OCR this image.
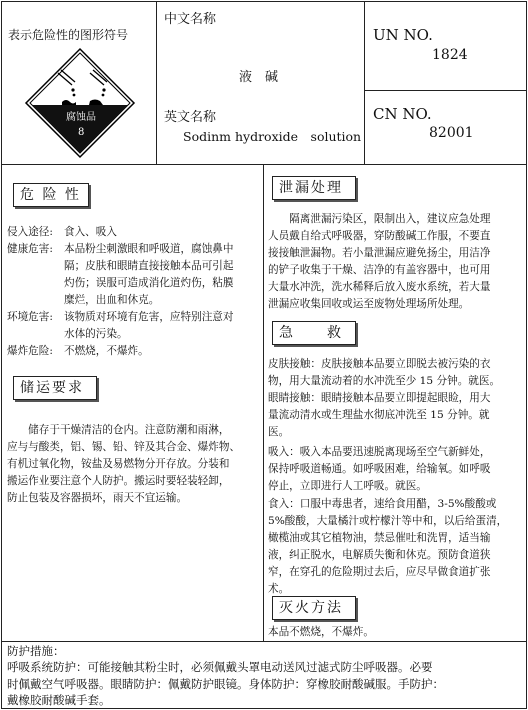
表示危险性的图形符号
腐蚀品
8
中文名称
液　碱
英文名称
Sodinm hydroxide　solution
UN NO.
1824
CN NO.
82001
危 险 性
侵入途径: 食入、吸入
健康危害: 本品粉尘刺激眼和呼吸道，腐蚀鼻中
隔；皮肤和眼睛直接接触本品可引起
灼伤；误服可造成消化道灼伤，粘膜
糜烂，出血和休克。
环境危害: 该物质对环境有危害，应特别注意对
水体的污染。
爆炸危险: 不燃烧，不爆炸。
储运要求
　　储存于干燥清洁的仓内。注意防潮和雨淋，
应与与酸类，铝、锡、铅、锌及其合金、爆炸物、
有机过氧化物，铵盐及易燃物分开存放。分装和
搬运作业要注意个人防护。搬运时要轻装轻卸，
防止包装及容器损坏，雨天不宜运输。
泄漏处理
　　隔离泄漏污染区，限制出入，建议应急处理
人员戴自给式呼吸器，穿防酸碱工作服，不要直
接接触泄漏物。若小量泄漏应避免扬尘，用洁净
的铲子收集于干燥、洁净的有盖容器中，也可用
大量水冲洗，洗水稀释后放入废水系统，若大量
泄漏应收集回收或运至废物处理场所处理。
急　　救
皮肤接触：皮肤接触本品要立即脱去被污染的衣
物，用大量流动着的水冲洗至少 15 分钟。就医。
眼睛接触：眼睛接触本品要立即提起眼睑，用大
量流动清水或生理盐水彻底冲洗至 15 分钟。就
医。
吸入：吸入本品要迅速脱离现场至空气新鲜处，
保持呼吸道畅通。如呼吸困难，给输氧。如呼吸
停止，立即进行人工呼吸。就医。
食入：口服中毒患者，速给食用醋，3-5%酸酸或
5%酸酸，大量橘汁或柠檬汁等中和，以后给蛋清，
橄榄油或其它植物油，禁忌催吐和洗胃，适当输
液，纠正脱水，电解质失衡和休克。预防食道狭
窄，在穿孔的危险期过去后，应尽早做食道扩张
术。
灭火方法
本品不燃烧，不爆炸。
防护措施：
呼吸系统防护：可能接触其粉尘时，必须佩戴头罩电动送风过滤式防尘呼吸器。必要
时佩戴空气呼吸器。眼睛防护：佩戴防护眼镜。身体防护：穿橡胶耐酸碱服。手防护：
戴橡胶耐酸碱手套。
